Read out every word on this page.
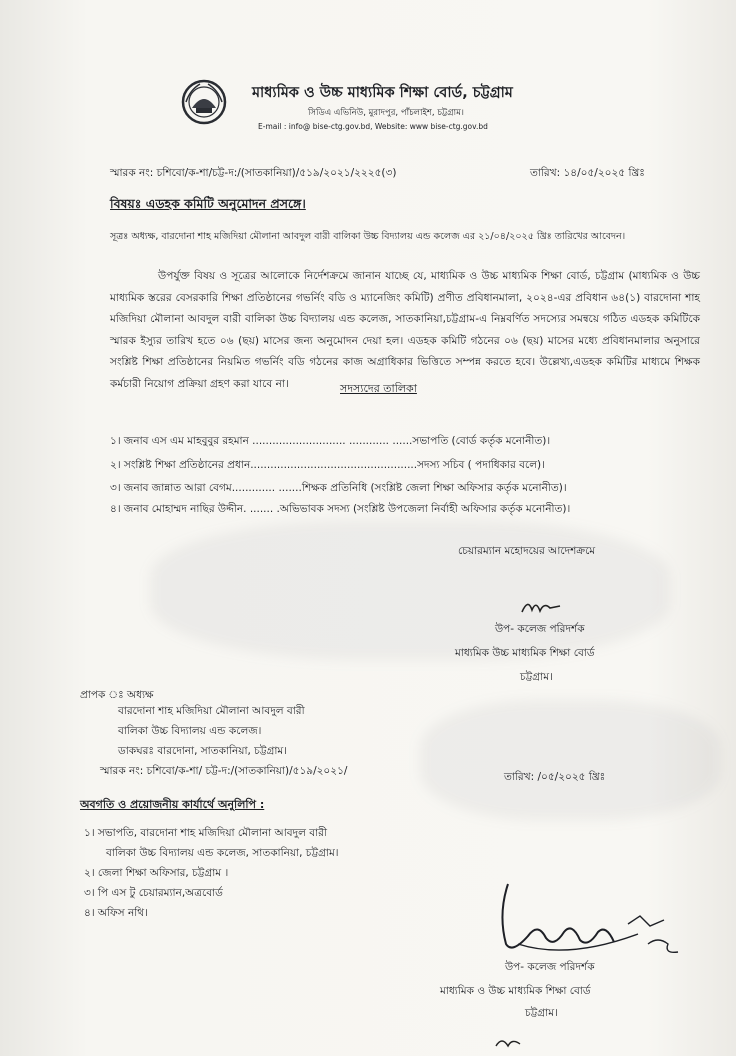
মাধ্যমিক ও উচ্চ মাধ্যমিক শিক্ষা বোর্ড, চট্টগ্রাম
সিডিএ এভিনিউ, মুরাদপুর, পাঁচলাইশ, চট্টগ্রাম।
E-mail : info@ bise-ctg.gov.bd, Website: www bise-ctg.gov.bd
স্মারক নং: চশিবো/ক-শা/চট্ট-দ:/(সাতকানিয়া)/৫১৯/২০২১/২২২৫(৩)	তারিখ: ১৪/০৫/২০২৫ খ্রিঃ
বিষয়ঃ এডহক কমিটি অনুমোদন প্রসঙ্গে।
সূত্রঃ অধ্যক্ষ, বারদোনা শাহ মজিদিয়া মৌলানা আবদুল বারী বালিকা উচ্চ বিদ্যালয় এন্ড কলেজ এর ২১/০৪/২০২৫ খ্রিঃ তারিখের আবেদন।
উপর্যুক্ত বিষয় ও সূত্রের আলোকে নির্দেশক্রমে জানান যাচ্ছে যে, মাধ্যমিক ও উচ্চ মাধ্যমিক শিক্ষা বোর্ড, চট্টগ্রাম (মাধ্যমিক ও উচ্চ মাধ্যমিক স্তরের বেসরকারি শিক্ষা প্রতিষ্ঠানের গভর্নিং বডি ও ম্যানেজিং কমিটি) প্রণীত প্রবিধানমালা, ২০২৪-এর প্রবিধান ৬৪(১) বারদোনা শাহ মজিদিয়া মৌলানা আবদুল বারী বালিকা উচ্চ বিদ্যালয় এন্ড কলেজ, সাতকানিয়া,চট্টগ্রাম-এ নিম্নবর্ণিত সদস্যের সমন্বয়ে গঠিত এডহক কমিটিকে স্মারক ইস্যুর তারিখ হতে ০৬ (ছয়) মাসের জন্য অনুমোদন দেয়া হল। এডহক কমিটি গঠনের ০৬ (ছয়) মাসের মধ্যে প্রবিধানমালার অনুসারে সংশ্লিষ্ট শিক্ষা প্রতিষ্ঠানের নিয়মিত গভর্নিং বডি গঠনের কাজ অগ্রাধিকার ভিত্তিতে সম্পন্ন করতে হবে। উল্লেখ্য,এডহক কমিটির মাধ্যমে শিক্ষক কর্মচারী নিয়োগ প্রক্রিয়া গ্রহণ করা যাবে না।	সদস্যদের তালিকা
১। জনাব এস এম মাহবুবুর রহমান ............................ ............ ......সভাপতি (বোর্ড কর্তৃক মনোনীত)।
২। সংশ্লিষ্ট শিক্ষা প্রতিষ্ঠানের প্রধান..................................................সদস্য সচিব ( পদাধিকার বলে)।
৩। জনাব জান্নাত আরা বেগম............. .......শিক্ষক প্রতিনিধি (সংশ্লিষ্ট জেলা শিক্ষা অফিসার কর্তৃক মনোনীত)।
৪। জনাব মোহাম্মদ নাছির উদ্দীন. ....... .অভিভাবক সদস্য (সংশ্লিষ্ট উপজেলা নির্বাহী অফিসার কর্তৃক মনোনীত)।
চেয়ারম্যান মহোদয়ের আদেশক্রমে
উপ- কলেজ পরিদর্শক
মাধ্যমিক উচ্চ মাধ্যমিক শিক্ষা বোর্ড
চট্টগ্রাম।
প্রাপক ঃ অধ্যক্ষ
বারদোনা শাহ মজিদিয়া মৌলানা আবদুল বারী
বালিকা উচ্চ বিদ্যালয় এন্ড কলেজ।
ডাকঘরঃ বারদোনা, সাতকানিয়া, চট্টগ্রাম।
স্মারক নং: চশিবো/ক-শা/ চট্ট-দ:/(সাতকানিয়া)/৫১৯/২০২১/	তারিখ: /০৫/২০২৫ খ্রিঃ
অবগতি ও প্রয়োজনীয় কার্যার্থে অনুলিপি :
১। সভাপতি, বারদোনা শাহ মজিদিয়া মৌলানা আবদুল বারী
বালিকা উচ্চ বিদ্যালয় এন্ড কলেজ, সাতকানিয়া, চট্টগ্রাম।
২। জেলা শিক্ষা অফিসার, চট্টগ্রাম ।
৩। পি এস টু চেয়ারম্যান,অত্রবোর্ড
৪। অফিস নথি।
উপ- কলেজ পরিদর্শক
মাধ্যমিক ও উচ্চ মাধ্যমিক শিক্ষা বোর্ড
চট্টগ্রাম।
